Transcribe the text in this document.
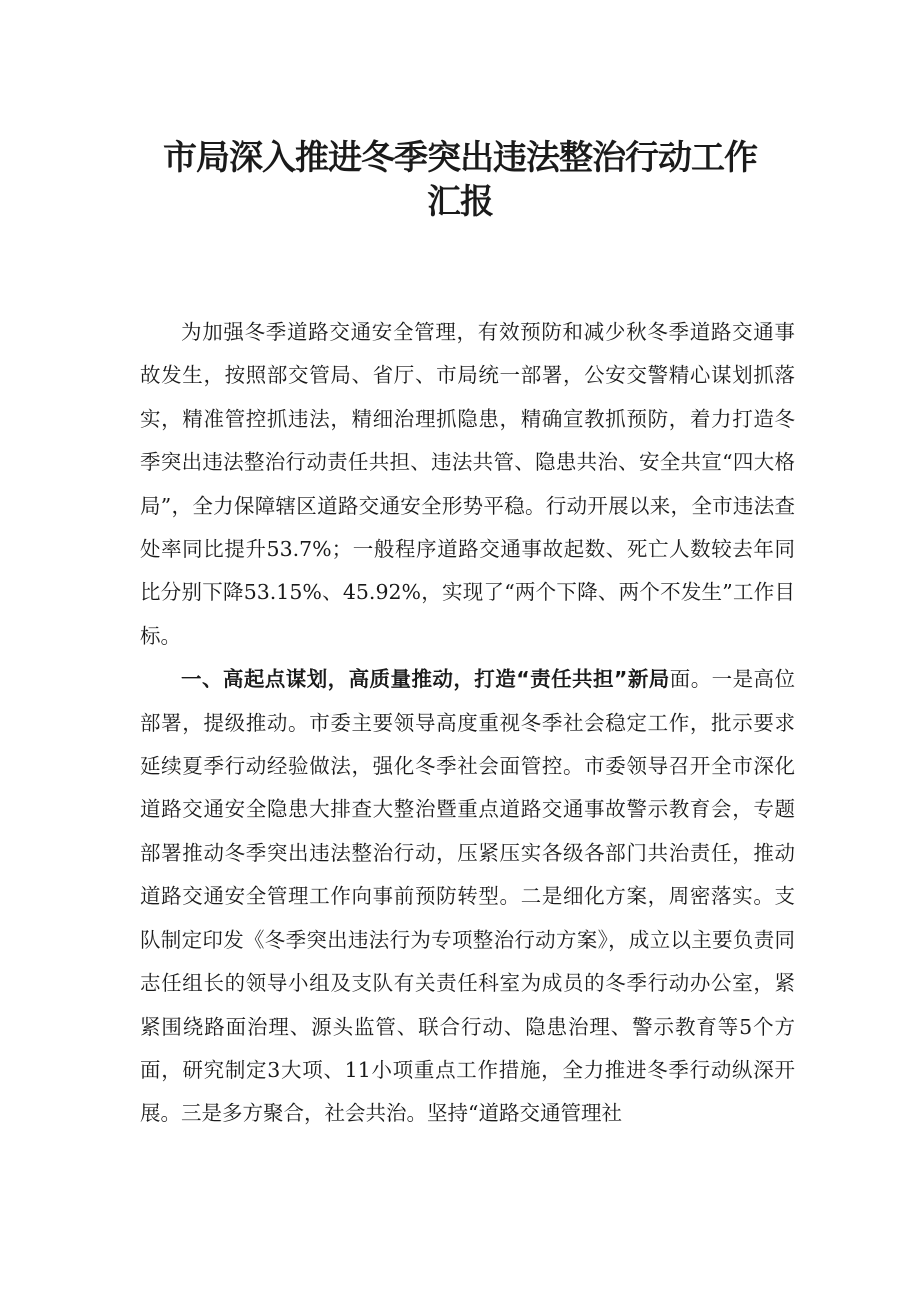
市局深入推进冬季突出违法整治行动工作
汇报

为加强冬季道路交通安全管理，有效预防和减少秋冬季道路交通事故发生，按照部交管局、省厅、市局统一部署，公安交警精心谋划抓落实，精准管控抓违法，精细治理抓隐患，精确宣教抓预防，着力打造冬季突出违法整治行动责任共担、违法共管、隐患共治、安全共宣“四大格局”，全力保障辖区道路交通安全形势平稳。行动开展以来，全市违法查处率同比提升53.7%；一般程序道路交通事故起数、死亡人数较去年同比分别下降53.15%、45.92%，实现了“两个下降、两个不发生”工作目标。

一、高起点谋划，高质量推动，打造“责任共担”新局面。一是高位部署，提级推动。市委主要领导高度重视冬季社会稳定工作，批示要求延续夏季行动经验做法，强化冬季社会面管控。市委领导召开全市深化道路交通安全隐患大排查大整治暨重点道路交通事故警示教育会，专题部署推动冬季突出违法整治行动，压紧压实各级各部门共治责任，推动道路交通安全管理工作向事前预防转型。二是细化方案，周密落实。支队制定印发《冬季突出违法行为专项整治行动方案》，成立以主要负责同志任组长的领导小组及支队有关责任科室为成员的冬季行动办公室，紧紧围绕路面治理、源头监管、联合行动、隐患治理、警示教育等5个方面，研究制定3大项、11小项重点工作措施，全力推进冬季行动纵深开展。三是多方聚合，社会共治。坚持“道路交通管理社
